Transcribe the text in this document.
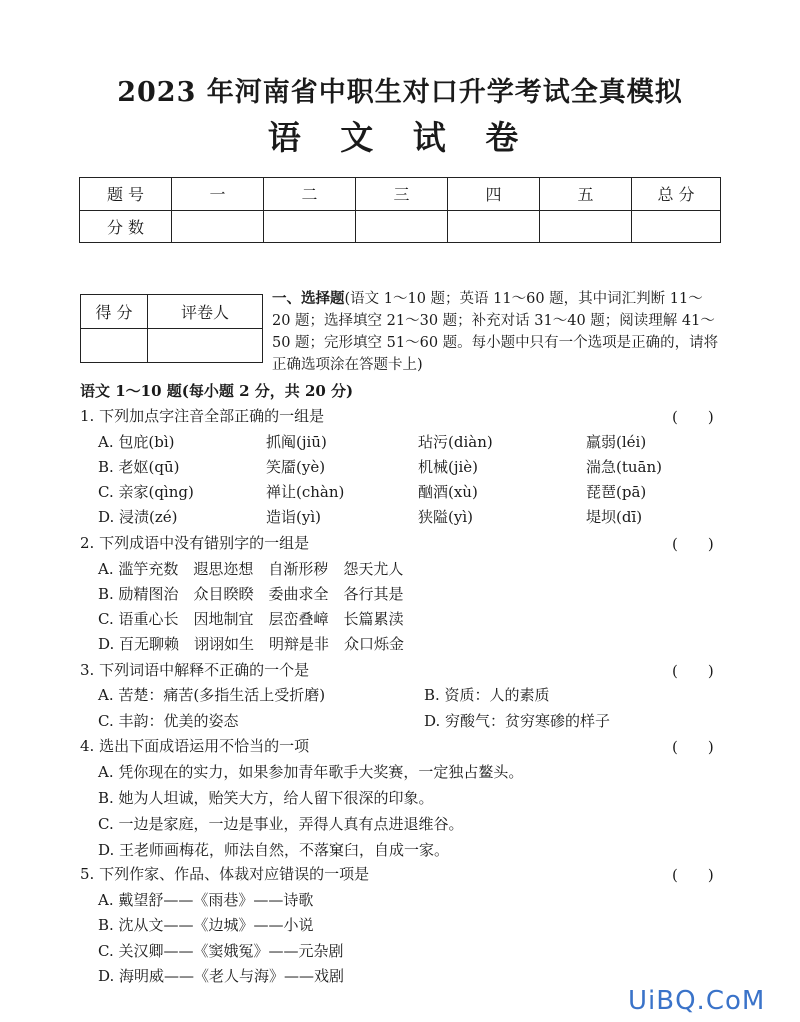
2023 年河南省中职生对口升学考试全真模拟
语 文 试 卷
题 号	一	二	三	四	五	总 分
分 数						
得 分	评卷人

一、选择题(语文 1～10 题；英语 11～60 题，其中词汇判断 11～20 题；选择填空 21～30 题；补充对话 31～40 题；阅读理解 41～50 题；完形填空 51～60 题。每小题中只有一个选项是正确的，请将正确选项涂在答题卡上)
语文 1～10 题(每小题 2 分，共 20 分)
1. 下列加点字注音全部正确的一组是	(　　)
A. 包庇(bì)	抓阄(jiū)	玷污(diàn)	羸弱(léi)
B. 老妪(qū)	笑靥(yè)	机械(jiè)	湍急(tuān)
C. 亲家(qìng)	禅让(chàn)	酗酒(xù)	琵琶(pā)
D. 浸渍(zé)	造诣(yì)	狭隘(yì)	堤坝(dī)
2. 下列成语中没有错别字的一组是	(　　)
A. 滥竽充数　遐思迩想　自渐形秽　怨天尤人
B. 励精图治　众目睽睽　委曲求全　各行其是
C. 语重心长　因地制宜　层峦叠嶂　长篇累渎
D. 百无聊赖　诩诩如生　明辩是非　众口烁金
3. 下列词语中解释不正确的一个是	(　　)
A. 苦楚：痛苦(多指生活上受折磨)	B. 资质：人的素质
C. 丰韵：优美的姿态	D. 穷酸气：贫穷寒碜的样子
4. 选出下面成语运用不恰当的一项	(　　)
A. 凭你现在的实力，如果参加青年歌手大奖赛，一定独占鳌头。
B. 她为人坦诚，贻笑大方，给人留下很深的印象。
C. 一边是家庭，一边是事业，弄得人真有点进退维谷。
D. 王老师画梅花，师法自然，不落窠臼，自成一家。
5. 下列作家、作品、体裁对应错误的一项是	(　　)
A. 戴望舒——《雨巷》——诗歌
B. 沈从文——《边城》——小说
C. 关汉卿——《窦娥冤》——元杂剧
D. 海明威——《老人与海》——戏剧
UiBQ.CoM
